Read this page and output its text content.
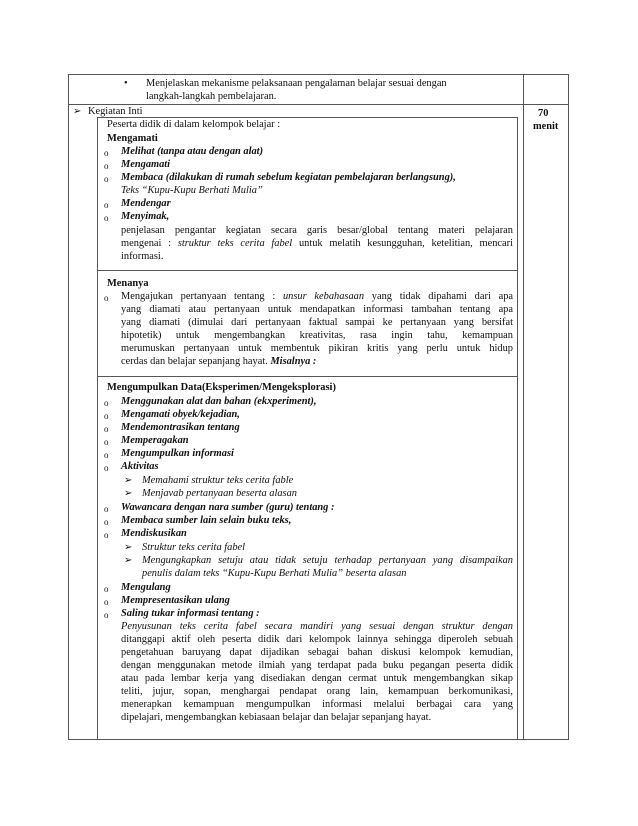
• Menjelaskan mekanisme pelaksanaan pengalaman belajar sesuai dengan
langkah-langkah pembelajaran.
➢ Kegiatan Inti	70
menit
Peserta didik di dalam kelompok belajar :
Mengamati
o Melihat (tanpa atau dengan alat)
o Mengamati
o Membaca (dilakukan di rumah sebelum kegiatan pembelajaran berlangsung),
Teks “Kupu-Kupu Berhati Mulia”
o Mendengar
o Menyimak,
penjelasan pengantar kegiatan secara garis besar/global tentang materi pelajaran
mengenai : struktur teks cerita fabel untuk melatih kesungguhan, ketelitian, mencari
informasi.
Menanya
o Mengajukan pertanyaan tentang : unsur kebahasaan yang tidak dipahami dari apa
yang diamati atau pertanyaan untuk mendapatkan informasi tambahan tentang apa
yang diamati (dimulai dari pertanyaan faktual sampai ke pertanyaan yang bersifat
hipotetik) untuk mengembangkan kreativitas, rasa ingin tahu, kemampuan
merumuskan pertanyaan untuk membentuk pikiran kritis yang perlu untuk hidup
cerdas dan belajar sepanjang hayat. Misalnya :
Mengumpulkan Data(Eksperimen/Mengeksplorasi)
o Menggunakan alat dan bahan (ekxperiment),
o Mengamati obyek/kejadian,
o Mendemontrasikan tentang
o Memperagakan
o Mengumpulkan informasi
o Aktivitas
➢ Memahami struktur teks cerita fable
➢ Menjavab pertanyaan beserta alasan
o Wawancara dengan nara sumber (guru) tentang :
o Membaca sumber lain selain buku teks,
o Mendiskusikan
➢ Struktur teks cerita fabel
➢ Mengungkapkan setuju atau tidak setuju terhadap pertanyaan yang disampaikan
penulis dalam teks “Kupu-Kupu Berhati Mulia” beserta alasan
o Mengulang
o Mempresentasikan ulang
o Saling tukar informasi tentang :
Penyusunan teks cerita fabel secara mandiri yang sesuai dengan struktur dengan
ditanggapi aktif oleh peserta didik dari kelompok lainnya sehingga diperoleh sebuah
pengetahuan baruyang dapat dijadikan sebagai bahan diskusi kelompok kemudian,
dengan menggunakan metode ilmiah yang terdapat pada buku pegangan peserta didik
atau pada lembar kerja yang disediakan dengan cermat untuk mengembangkan sikap
teliti, jujur, sopan, menghargai pendapat orang lain, kemampuan berkomunikasi,
menerapkan kemampuan mengumpulkan informasi melalui berbagai cara yang
dipelajari, mengembangkan kebiasaan belajar dan belajar sepanjang hayat.
